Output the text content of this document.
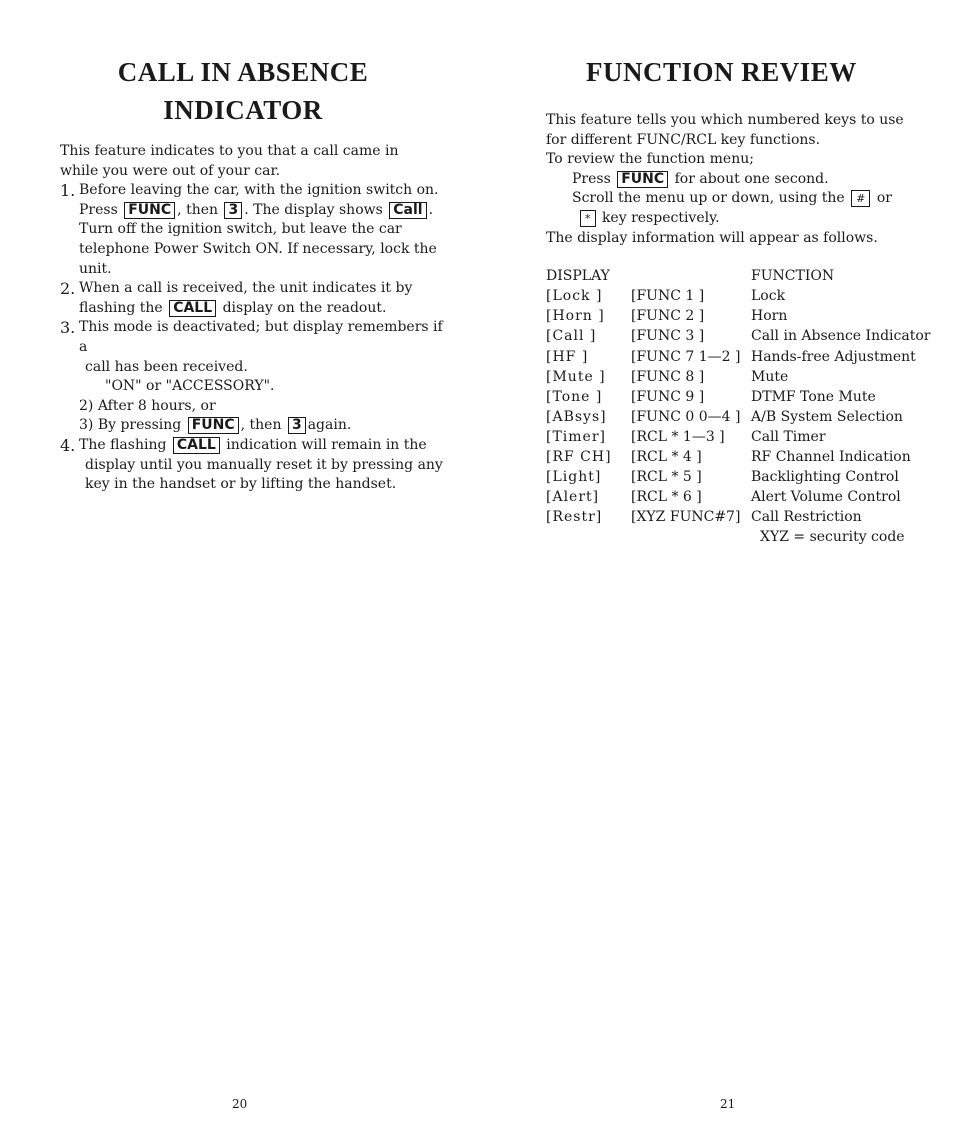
CALL IN ABSENCE
INDICATOR

This feature indicates to you that a call came in

while you were out of your car.

1. Before leaving the car, with the ignition switch on.

Press FUNC , then 3 . The display shows Call .

Turn off the ignition switch, but leave the car

telephone Power Switch ON. If necessary, lock the

unit.

2. When a call is received, the unit indicates it by

flashing the CALL display on the readout.

3. This mode is deactivated; but display remembers if a

call has been received.

"ON" or "ACCESSORY".

2) After 8 hours, or

3) By pressing FUNC , then 3 again.

4. The flashing CALL indication will remain in the

display until you manually reset it by pressing any

key in the handset or by lifting the handset.

20
FUNCTION REVIEW

This feature tells you which numbered keys to use

for different FUNC/RCL key functions.

To review the function menu;

Press FUNC for about one second.

Scroll the menu up or down, using the # or

* key respectively.

The display information will appear as follows.

DISPLAY		FUNCTION
[Lock ]	[FUNC 1 ]	Lock
[Horn ]	[FUNC 2 ]	Horn
[Call ]	[FUNC 3 ]	Call in Absence Indicator
[HF ]	[FUNC 7 1—2 ]	Hands-free Adjustment
[Mute ]	[FUNC 8 ]	Mute
[Tone ]	[FUNC 9 ]	DTMF Tone Mute
[ABsys]	[FUNC 0 0—4 ]	A/B System Selection
[Timer]	[RCL * 1—3 ]	Call Timer
[RF CH]	[RCL * 4 ]	RF Channel Indication
[Light]	[RCL * 5 ]	Backlighting Control
[Alert]	[RCL * 6 ]	Alert Volume Control
[Restr]	[XYZ FUNC#7]	Call Restriction

XYZ = security code

21
